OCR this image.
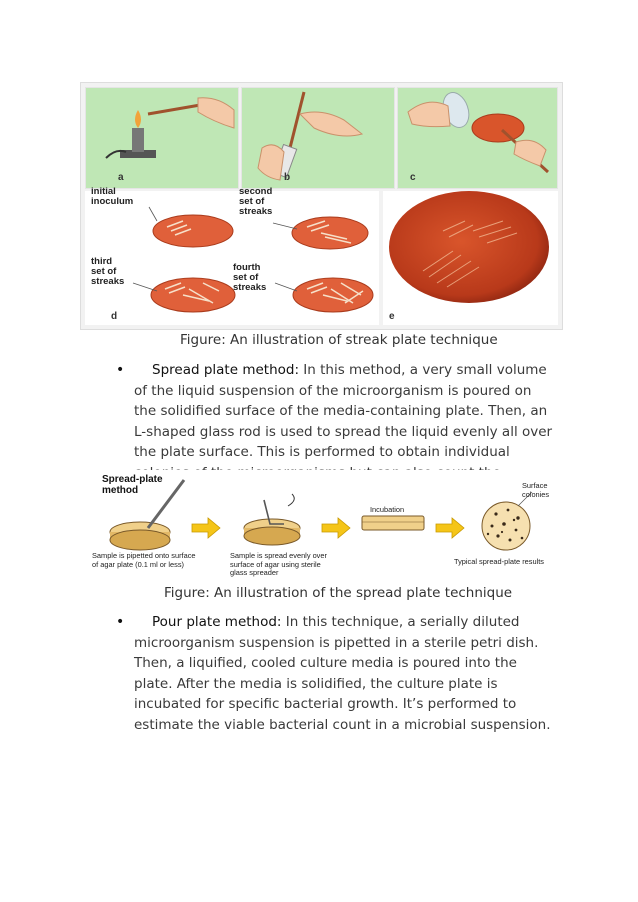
a	b	c
initial
inoculum
second
set of
streaks
third
set of
streaks
fourth
set of
streaks
d	e
Figure: An illustration of streak plate technique
•	Spread plate method: In this method, a very small volume of the liquid suspension of the microorganism is poured on the solidified surface of the media-containing plate. Then, an L-shaped glass rod is used to spread the liquid evenly all over the plate surface. This is performed to obtain individual
Spread-plate
method
Sample is pipetted onto surface
of agar plate (0.1 ml or less)
Sample is spread evenly over
surface of agar using sterile
glass spreader
Incubation
Surface
colonies
Typical spread-plate results
Figure: An illustration of the spread plate technique
•	Pour plate method: In this technique, a serially diluted microorganism suspension is pipetted in a sterile petri dish. Then, a liquified, cooled culture media is poured into the plate. After the media is solidified, the culture plate is incubated for specific bacterial growth. It’s performed to estimate the viable bacterial count in a microbial suspension.
